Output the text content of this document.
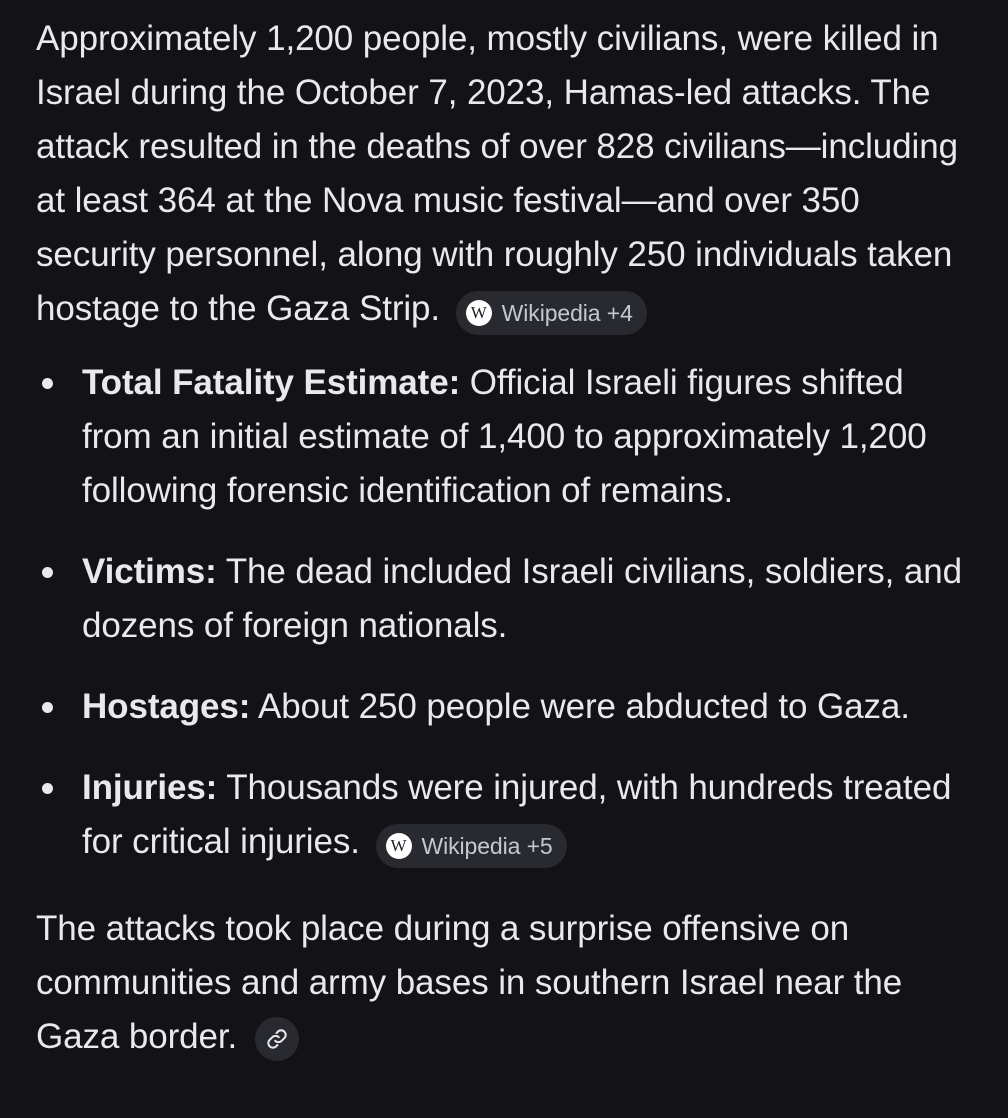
Approximately 1,200 people, mostly civilians, were killed in Israel during the October 7, 2023, Hamas-led attacks. The attack resulted in the deaths of over 828 civilians—including at least 364 at the Nova music festival—and over 350 security personnel, along with roughly 250 individuals taken hostage to the Gaza Strip. W Wikipedia +4

Total Fatality Estimate: Official Israeli figures shifted from an initial estimate of 1,400 to approximately 1,200 following forensic identification of remains.
Victims: The dead included Israeli civilians, soldiers, and dozens of foreign nationals.
Hostages: About 250 people were abducted to Gaza.
Injuries: Thousands were injured, with hundreds treated for critical injuries. W Wikipedia +5

The attacks took place during a surprise offensive on communities and army bases in southern Israel near the Gaza border.
